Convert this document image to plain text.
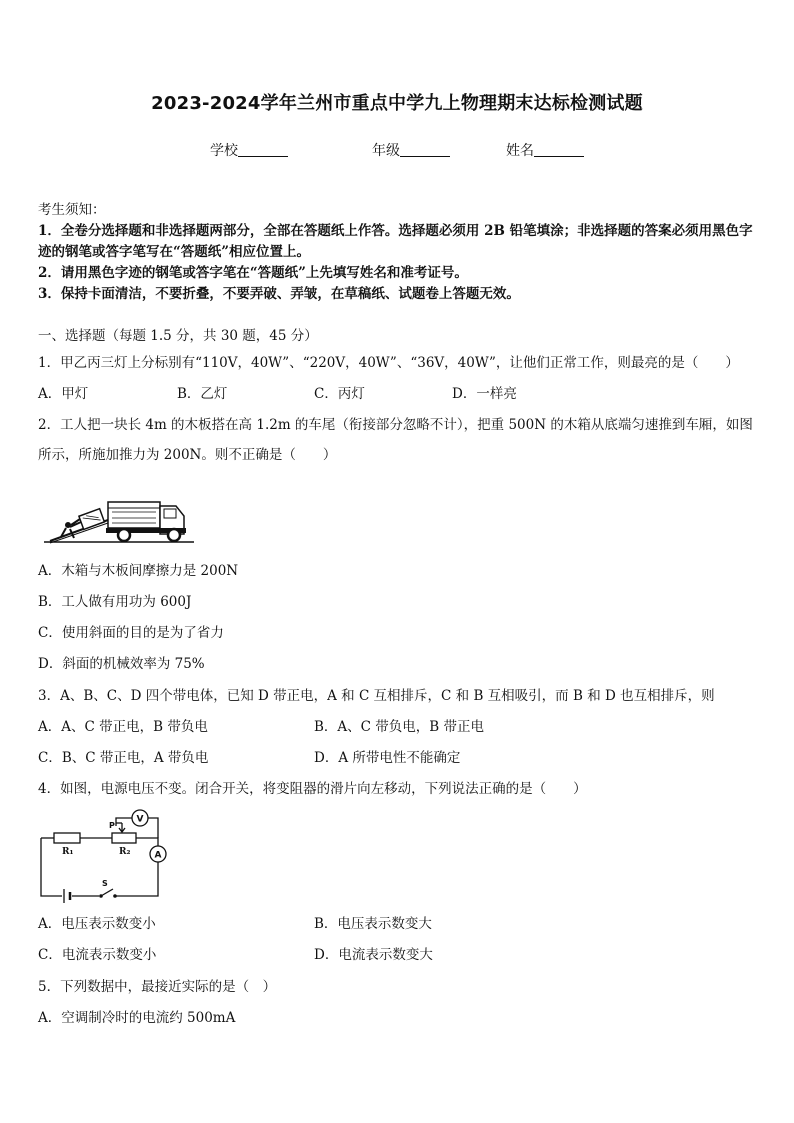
2023-2024学年兰州市重点中学九上物理期末达标检测试题
学校	年级	姓名
考生须知：
1．全卷分选择题和非选择题两部分，全部在答题纸上作答。选择题必须用 2B 铅笔填涂；非选择题的答案必须用黑色字迹的钢笔或答字笔写在“答题纸”相应位置上。
2．请用黑色字迹的钢笔或答字笔在“答题纸”上先填写姓名和准考证号。
3．保持卡面清洁，不要折叠，不要弄破、弄皱，在草稿纸、试题卷上答题无效。
一、选择题（每题 1.5 分，共 30 题，45 分）
1．甲乙丙三灯上分标别有“110V，40W”、“220V，40W”、“36V，40W”，让他们正常工作，则最亮的是（　　）
A．甲灯	B．乙灯	C．丙灯	D．一样亮
2．工人把一块长 4m 的木板搭在高 1.2m 的车尾（衔接部分忽略不计），把重 500N 的木箱从底端匀速推到车厢，如图
所示，所施加推力为 200N。则不正确是（　　）
A．木箱与木板间摩擦力是 200N
B．工人做有用功为 600J
C．使用斜面的目的是为了省力
D．斜面的机械效率为 75%
3．A、B、C、D 四个带电体，已知 D 带正电，A 和 C 互相排斥，C 和 B 互相吸引，而 B 和 D 也互相排斥，则
A．A、C 带正电，B 带负电	B．A、C 带负电，B 带正电
C．B、C 带正电，A 带负电	D．A 所带电性不能确定
4．如图，电源电压不变。闭合开关，将变阻器的滑片向左移动，下列说法正确的是（　　）
R₁	R₂
P
V
A
S
A．电压表示数变小	B．电压表示数变大
C．电流表示数变小	D．电流表示数变大
5．下列数据中，最接近实际的是（　）
A．空调制冷时的电流约 500mA
